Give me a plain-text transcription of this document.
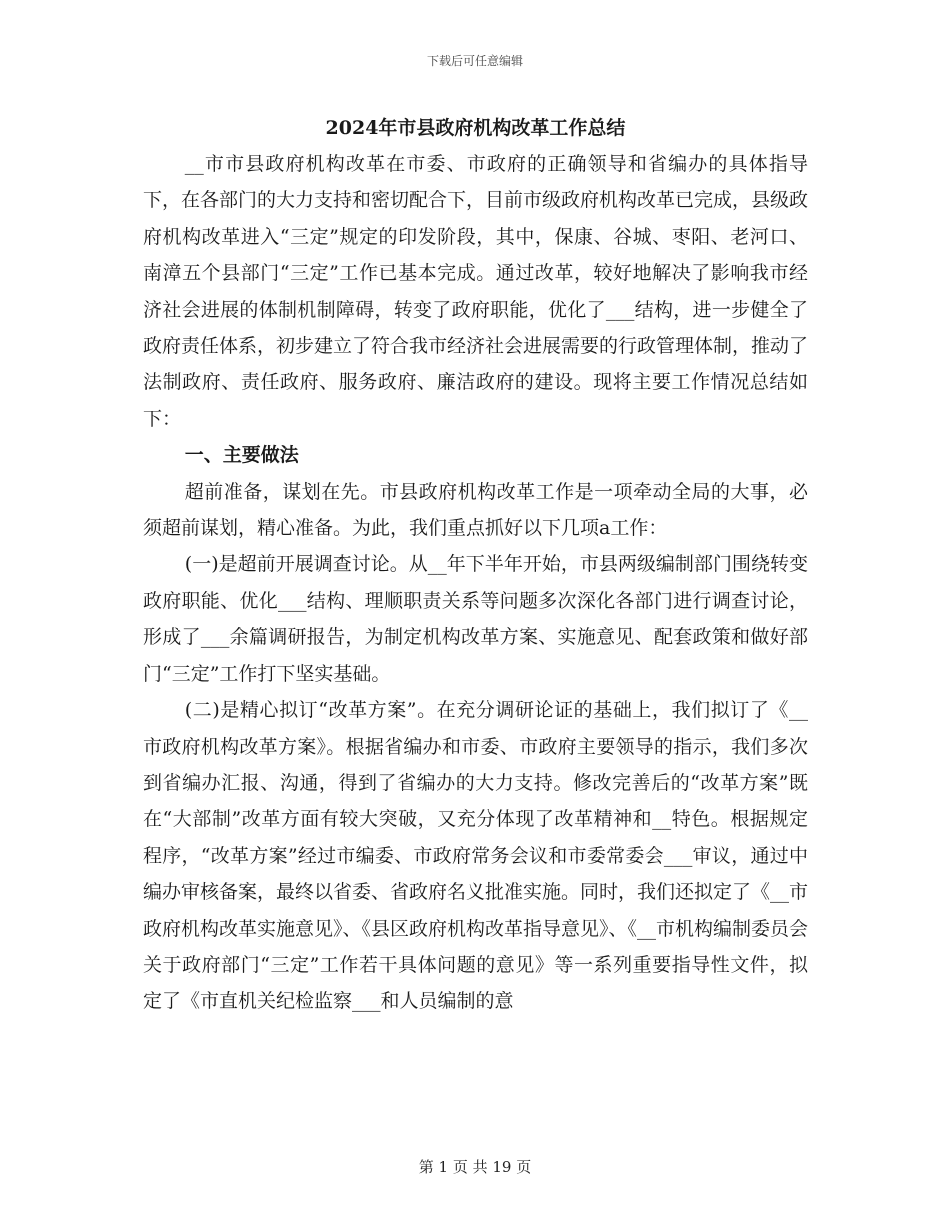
下载后可任意编辑
2024年市县政府机构改革工作总结

__市市县政府机构改革在市委、市政府的正确领导和省编办的具体指导下，在各部门的大力支持和密切配合下，目前市级政府机构改革已完成，县级政府机构改革进入“三定”规定的印发阶段，其中，保康、谷城、枣阳、老河口、南漳五个县部门“三定”工作已基本完成。通过改革，较好地解决了影响我市经济社会进展的体制机制障碍，转变了政府职能，优化了___结构，进一步健全了政府责任体系，初步建立了符合我市经济社会进展需要的行政管理体制，推动了法制政府、责任政府、服务政府、廉洁政府的建设。现将主要工作情况总结如下：

一、主要做法

超前准备，谋划在先。市县政府机构改革工作是一项牵动全局的大事，必须超前谋划，精心准备。为此，我们重点抓好以下几项a工作：

(一)是超前开展调查讨论。从__年下半年开始，市县两级编制部门围绕转变政府职能、优化___结构、理顺职责关系等问题多次深化各部门进行调查讨论，形成了___余篇调研报告，为制定机构改革方案、实施意见、配套政策和做好部门“三定”工作打下坚实基础。

(二)是精心拟订“改革方案”。在充分调研论证的基础上，我们拟订了《__市政府机构改革方案》。根据省编办和市委、市政府主要领导的指示，我们多次到省编办汇报、沟通，得到了省编办的大力支持。修改完善后的“改革方案”既在“大部制”改革方面有较大突破，又充分体现了改革精神和__特色。根据规定程序，“改革方案”经过市编委、市政府常务会议和市委常委会___审议，通过中编办审核备案，最终以省委、省政府名义批准实施。同时，我们还拟定了《__市政府机构改革实施意见》、《县区政府机构改革指导意见》、《__市机构编制委员会关于政府部门“三定”工作若干具体问题的意见》等一系列重要指导性文件，拟定了《市直机关纪检监察___和人员编制的意

第 1 页 共 19 页
